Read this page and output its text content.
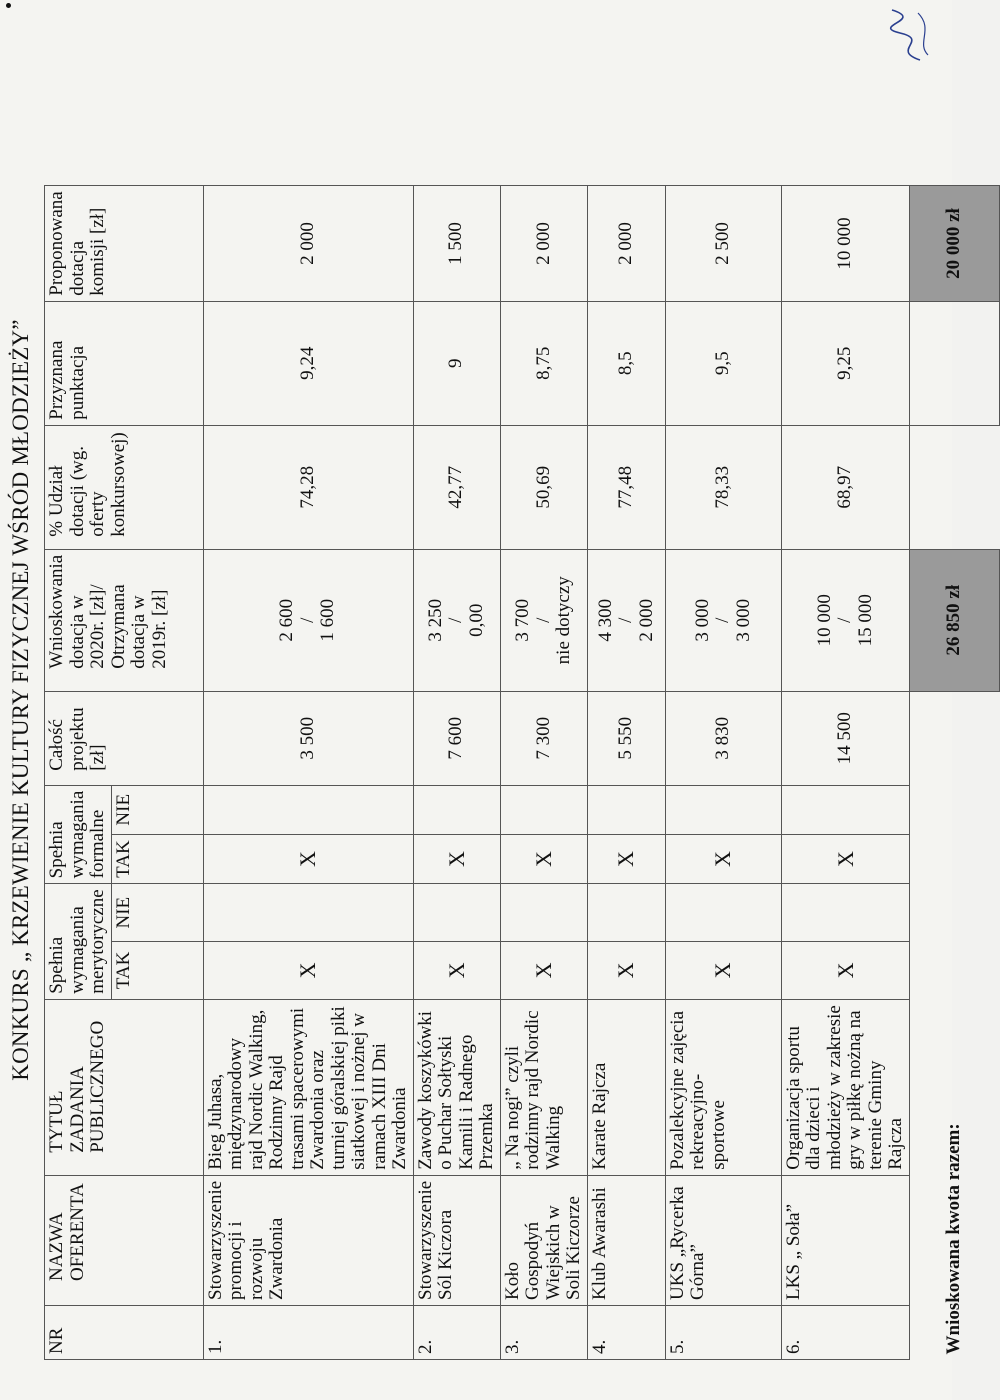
KONKURS „ KRZEWIENIE KULTURY FIZYCZNEJ WŚRÓD MŁODZIEŻY”
NR	NAZWA OFERENTA	TYTUŁ ZADANIA PUBLICZNEGO	Spełnia wymagania merytoryczne		Spełnia wymagania formalne		Całość projektu [zł]	Wnioskowania dotacja w 2020r. [zł]/ Otrzymana dotacja w 2019r. [zł]	% Udział dotacji (wg. oferty konkursowej)	Przyznana punktacja	Proponowana dotacja komisji [zł]
			TAK	NIE	TAK	NIE					
1.	Stowarzyszenie promocji i rozwoju Zwardonia	Bieg Juhasa, międzynarodowy rajd Nordic Walking, Rodzinny Rajd trasami spacerowymi Zwardonia oraz turniej góralskiej piki siatkowej i nożnej w ramach XIII Dni Zwardonia	X		X		3 500	2 600 / 1 600	74,28	9,24	2 000
2.	Stowarzyszenie Sól Kiczora	Zawody koszykówki o Puchar Sołtyski Kamili i Radnego Przemka	X		X		7 600	3 250 / 0,00	42,77	9	1 500
3.	Koło Gospodyń Wiejskich w Soli Kiczorze	„ Na nogi” czyli rodzinny rajd Nordic Walking	X		X		7 300	3 700 / nie dotyczy	50,69	8,75	2 000
4.	Klub Awarashi	Karate Rajcza	X		X		5 550	4 300 / 2 000	77,48	8,5	2 000
5.	UKS „Rycerka Górna”	Pozalekcyjne zajęcia rekreacyjno- sportowe	X		X		3 830	3 000 / 3 000	78,33	9,5	2 500
6.	LKS „ Soła”	Organizacja sportu dla dzieci i młodzieży w zakresie gry w piłkę nożną na terenie Gminy Rajcza	X		X		14 500	10 000 / 15 000	68,97	9,25	10 000
Wnioskowana kwota razem:								26 850 zł			20 000 zł
